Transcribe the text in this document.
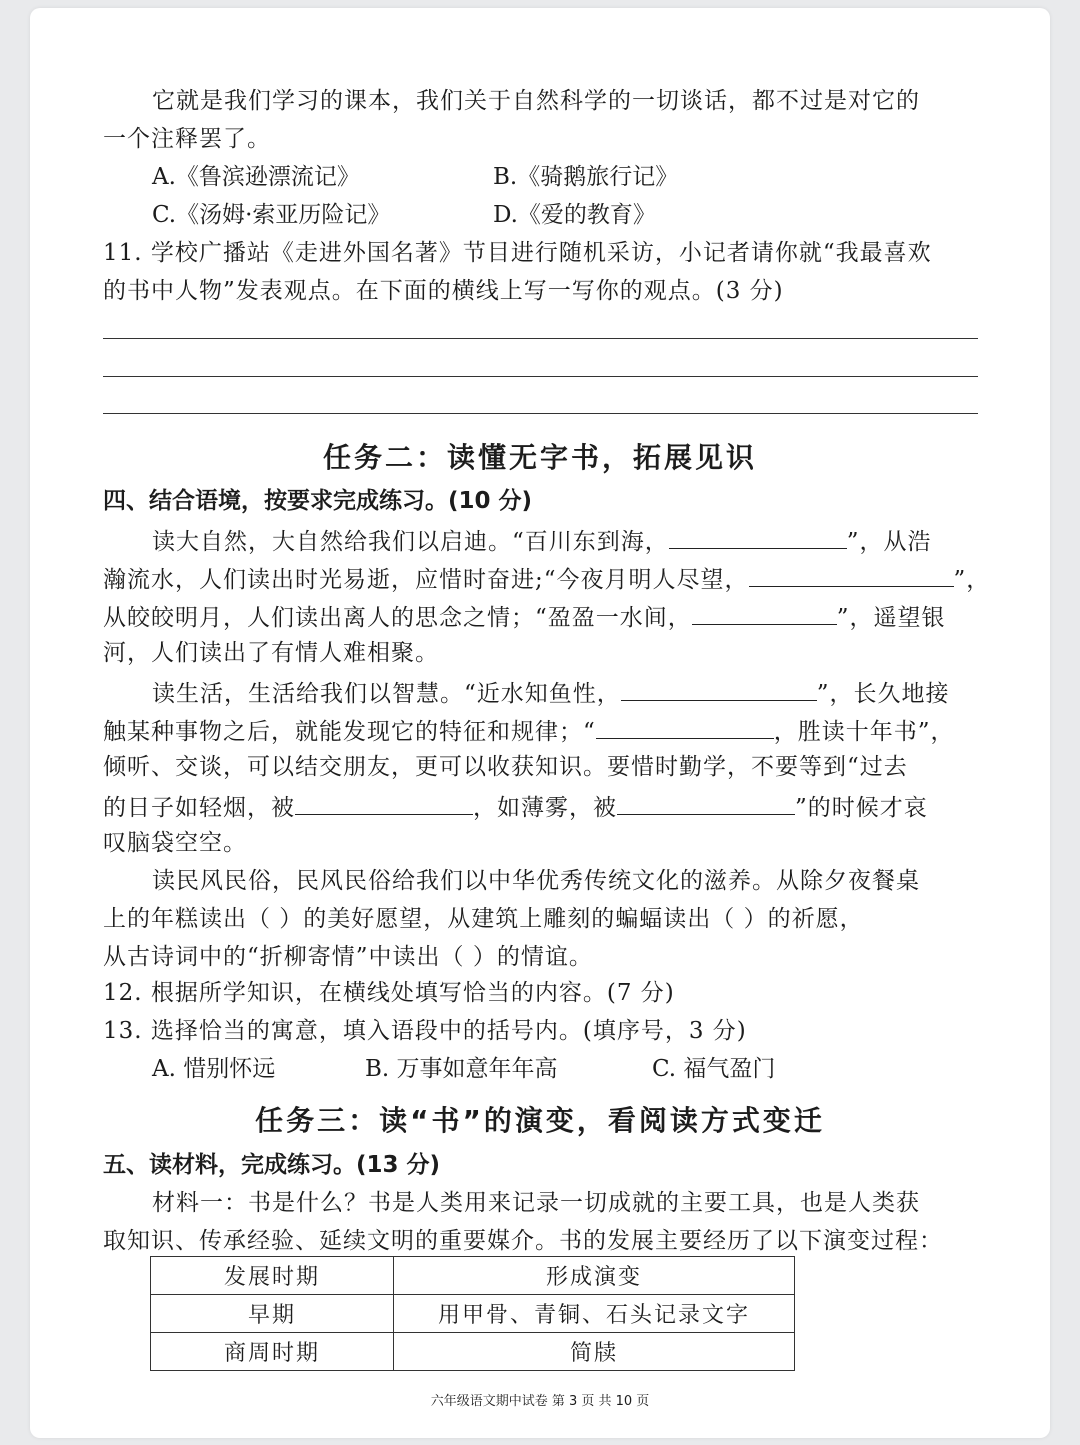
它就是我们学习的课本，我们关于自然科学的一切谈话，都不过是对它的
一个注释罢了。
A.《鲁滨逊漂流记》	B.《骑鹅旅行记》
C.《汤姆·索亚历险记》	D.《爱的教育》
11. 学校广播站《走进外国名著》节目进行随机采访，小记者请你就“我最喜欢
的书中人物”发表观点。在下面的横线上写一写你的观点。(3 分)
任务二：读懂无字书，拓展见识
四、结合语境，按要求完成练习。(10 分)
读大自然，大自然给我们以启迪。“百川东到海，	”，从浩
瀚流水，人们读出时光易逝，应惜时奋进;“今夜月明人尽望，	”，
从皎皎明月，人们读出离人的思念之情；“盈盈一水间，	”，遥望银
河，人们读出了有情人难相聚。
读生活，生活给我们以智慧。“近水知鱼性，	”，长久地接
触某种事物之后，就能发现它的特征和规律；“	，胜读十年书”，
倾听、交谈，可以结交朋友，更可以收获知识。要惜时勤学，不要等到“过去
的日子如轻烟，被	，如薄雾，被	”的时候才哀
叹脑袋空空。
读民风民俗，民风民俗给我们以中华优秀传统文化的滋养。从除夕夜餐桌
上的年糕读出（ ）的美好愿望，从建筑上雕刻的蝙蝠读出（ ）的祈愿，
从古诗词中的“折柳寄情”中读出（ ）的情谊。
12. 根据所学知识，在横线处填写恰当的内容。(7 分)
13. 选择恰当的寓意，填入语段中的括号内。(填序号，3 分)
A. 惜别怀远	B. 万事如意年年高	C. 福气盈门
任务三：读“书”的演变，看阅读方式变迁
五、读材料，完成练习。(13 分)
材料一：书是什么？书是人类用来记录一切成就的主要工具，也是人类获
取知识、传承经验、延续文明的重要媒介。书的发展主要经历了以下演变过程：
发展时期	形成演变
早期	用甲骨、青铜、石头记录文字
商周时期	简牍
六年级语文期中试卷 第 3 页 共 10 页
